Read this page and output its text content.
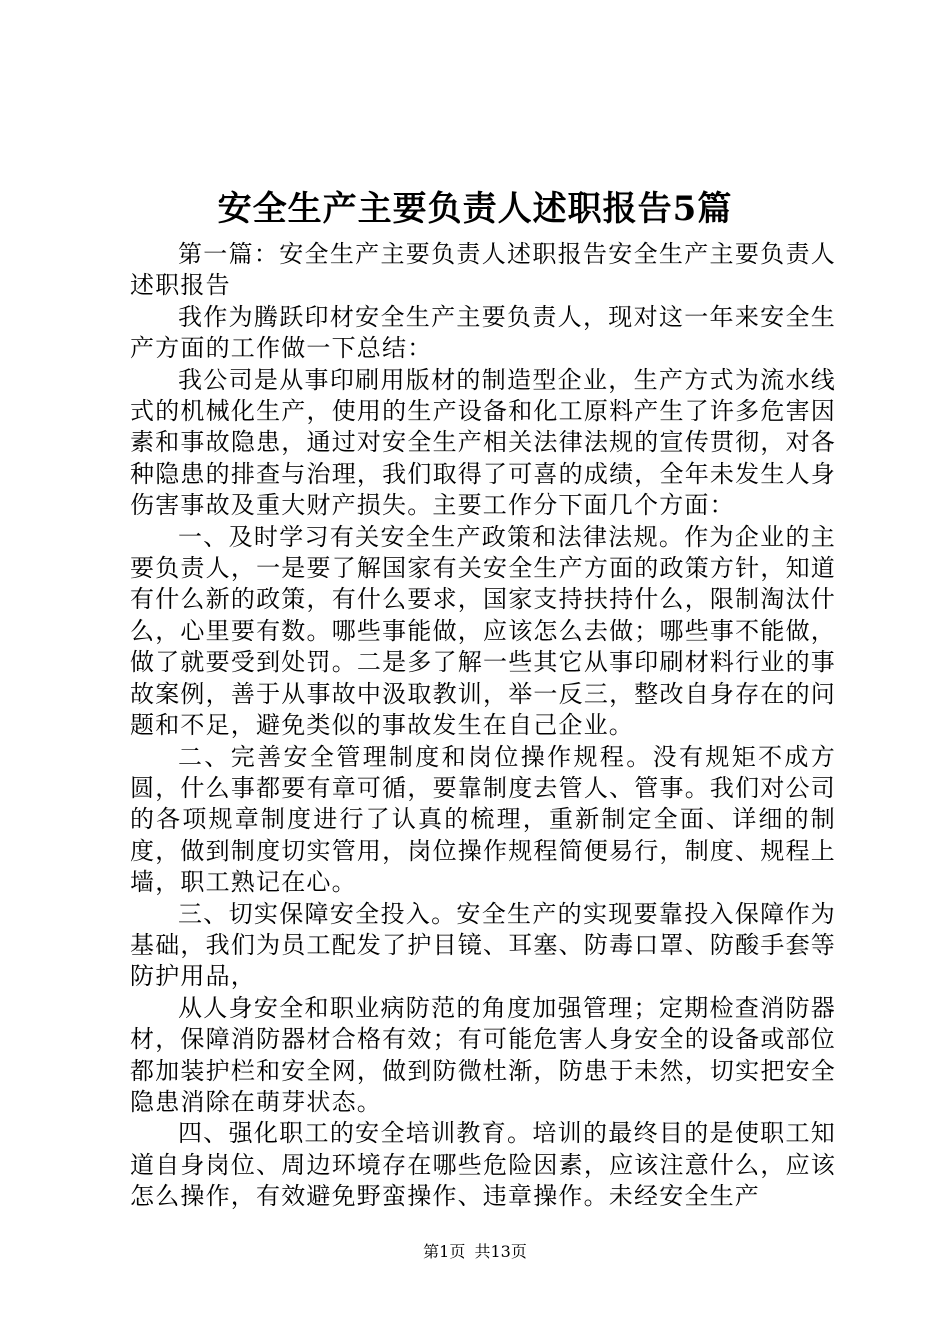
安全生产主要负责人述职报告5篇

第一篇：安全生产主要负责人述职报告安全生产主要负责人述职报告

我作为腾跃印材安全生产主要负责人，现对这一年来安全生产方面的工作做一下总结：

我公司是从事印刷用版材的制造型企业，生产方式为流水线式的机械化生产，使用的生产设备和化工原料产生了许多危害因素和事故隐患，通过对安全生产相关法律法规的宣传贯彻，对各种隐患的排查与治理，我们取得了可喜的成绩，全年未发生人身伤害事故及重大财产损失。主要工作分下面几个方面：

一、及时学习有关安全生产政策和法律法规。作为企业的主要负责人，一是要了解国家有关安全生产方面的政策方针，知道有什么新的政策，有什么要求，国家支持扶持什么，限制淘汰什么，心里要有数。哪些事能做，应该怎么去做；哪些事不能做，做了就要受到处罚。二是多了解一些其它从事印刷材料行业的事故案例，善于从事故中汲取教训，举一反三，整改自身存在的问题和不足，避免类似的事故发生在自己企业。

二、完善安全管理制度和岗位操作规程。没有规矩不成方圆，什么事都要有章可循，要靠制度去管人、管事。我们对公司的各项规章制度进行了认真的梳理，重新制定全面、详细的制度，做到制度切实管用，岗位操作规程简便易行，制度、规程上墙，职工熟记在心。

三、切实保障安全投入。安全生产的实现要靠投入保障作为基础，我们为员工配发了护目镜、耳塞、防毒口罩、防酸手套等防护用品，

从人身安全和职业病防范的角度加强管理；定期检查消防器材，保障消防器材合格有效；有可能危害人身安全的设备或部位都加装护栏和安全网，做到防微杜渐，防患于未然，切实把安全隐患消除在萌芽状态。

四、强化职工的安全培训教育。培训的最终目的是使职工知道自身岗位、周边环境存在哪些危险因素，应该注意什么，应该怎么操作，有效避免野蛮操作、违章操作。未经安全生产

第1页 共13页
